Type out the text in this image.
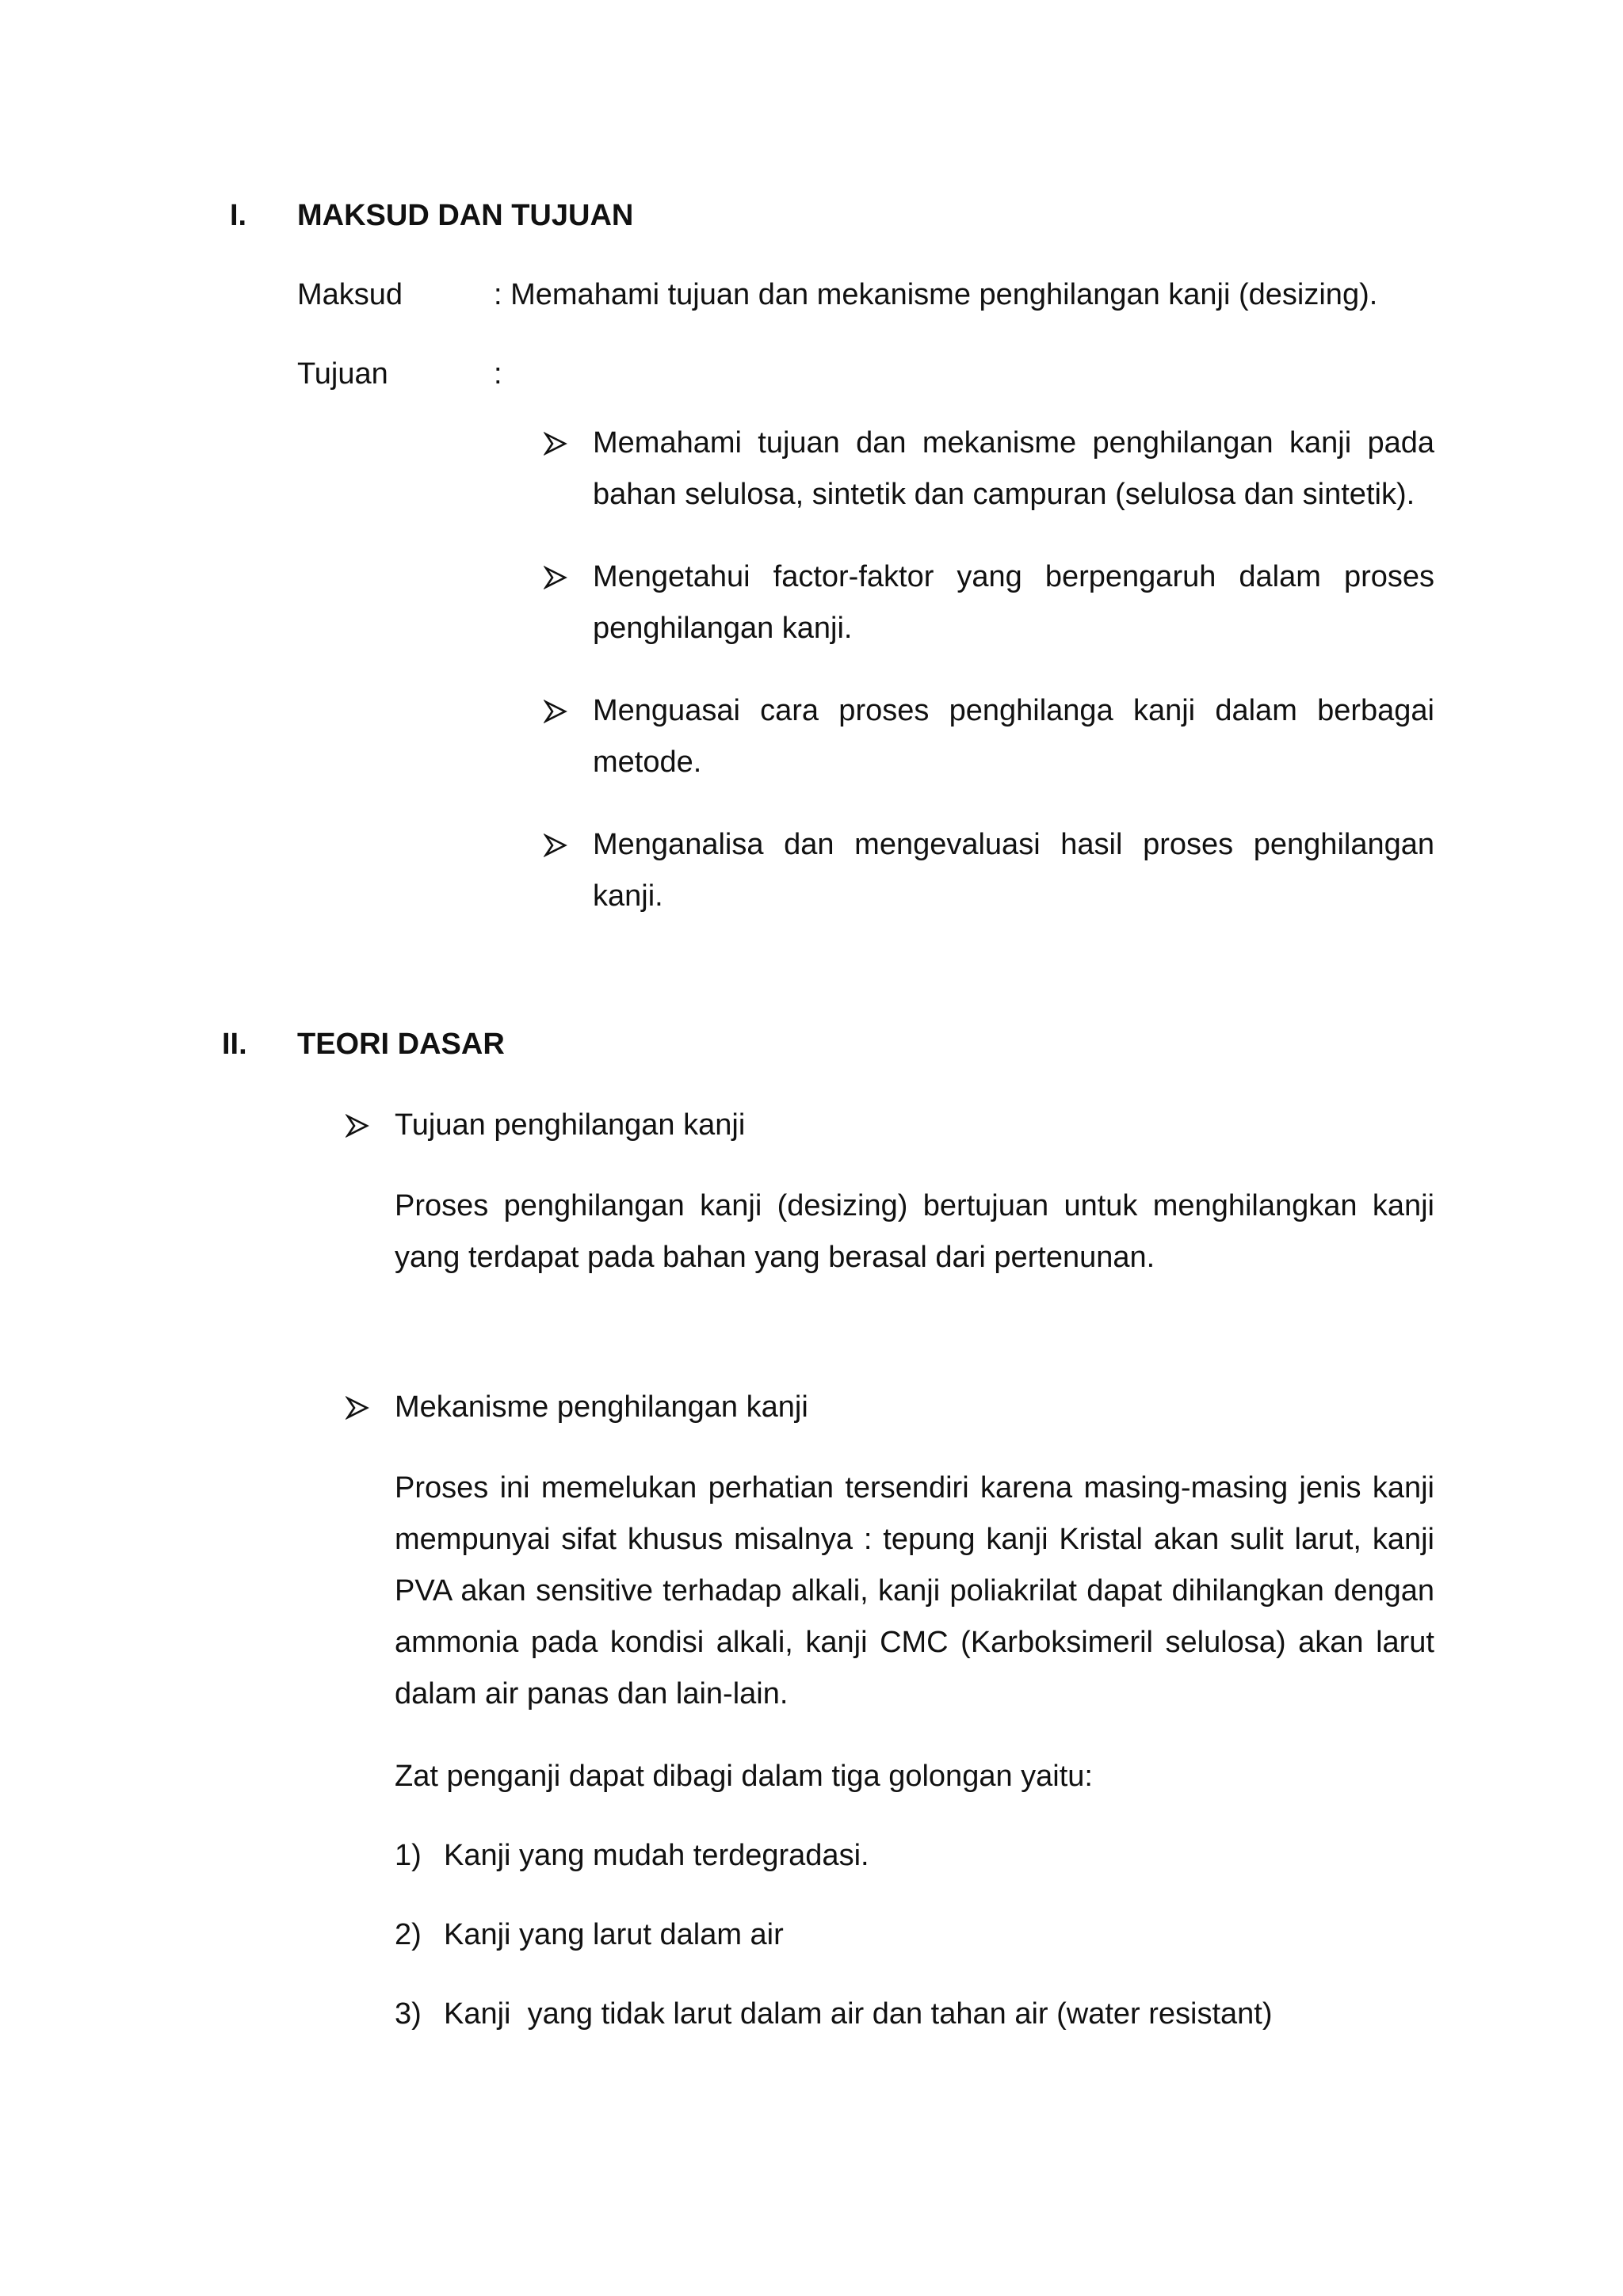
I. MAKSUD DAN TUJUAN
Maksud	: Memahami tujuan dan mekanisme penghilangan kanji (desizing).
Tujuan	:
Memahami tujuan dan mekanisme penghilangan kanji pada bahan selulosa, sintetik dan campuran (selulosa dan sintetik).
Mengetahui factor-faktor yang berpengaruh dalam proses penghilangan kanji.
Menguasai cara proses penghilanga kanji dalam berbagai metode.
Menganalisa dan mengevaluasi hasil proses penghilangan kanji.
II. TEORI DASAR
Tujuan penghilangan kanji
Proses penghilangan kanji (desizing) bertujuan untuk menghilangkan kanji yang terdapat pada bahan yang berasal dari pertenunan.
Mekanisme penghilangan kanji
Proses ini memelukan perhatian tersendiri karena masing-masing jenis kanji mempunyai sifat khusus misalnya : tepung kanji Kristal akan sulit larut, kanji PVA akan sensitive terhadap alkali, kanji poliakrilat dapat dihilangkan dengan ammonia pada kondisi alkali, kanji CMC (Karboksimeril selulosa) akan larut dalam air panas dan lain-lain.
Zat penganji dapat dibagi dalam tiga golongan yaitu:
1) Kanji yang mudah terdegradasi.
2) Kanji yang larut dalam air
3) Kanji  yang tidak larut dalam air dan tahan air (water resistant)
